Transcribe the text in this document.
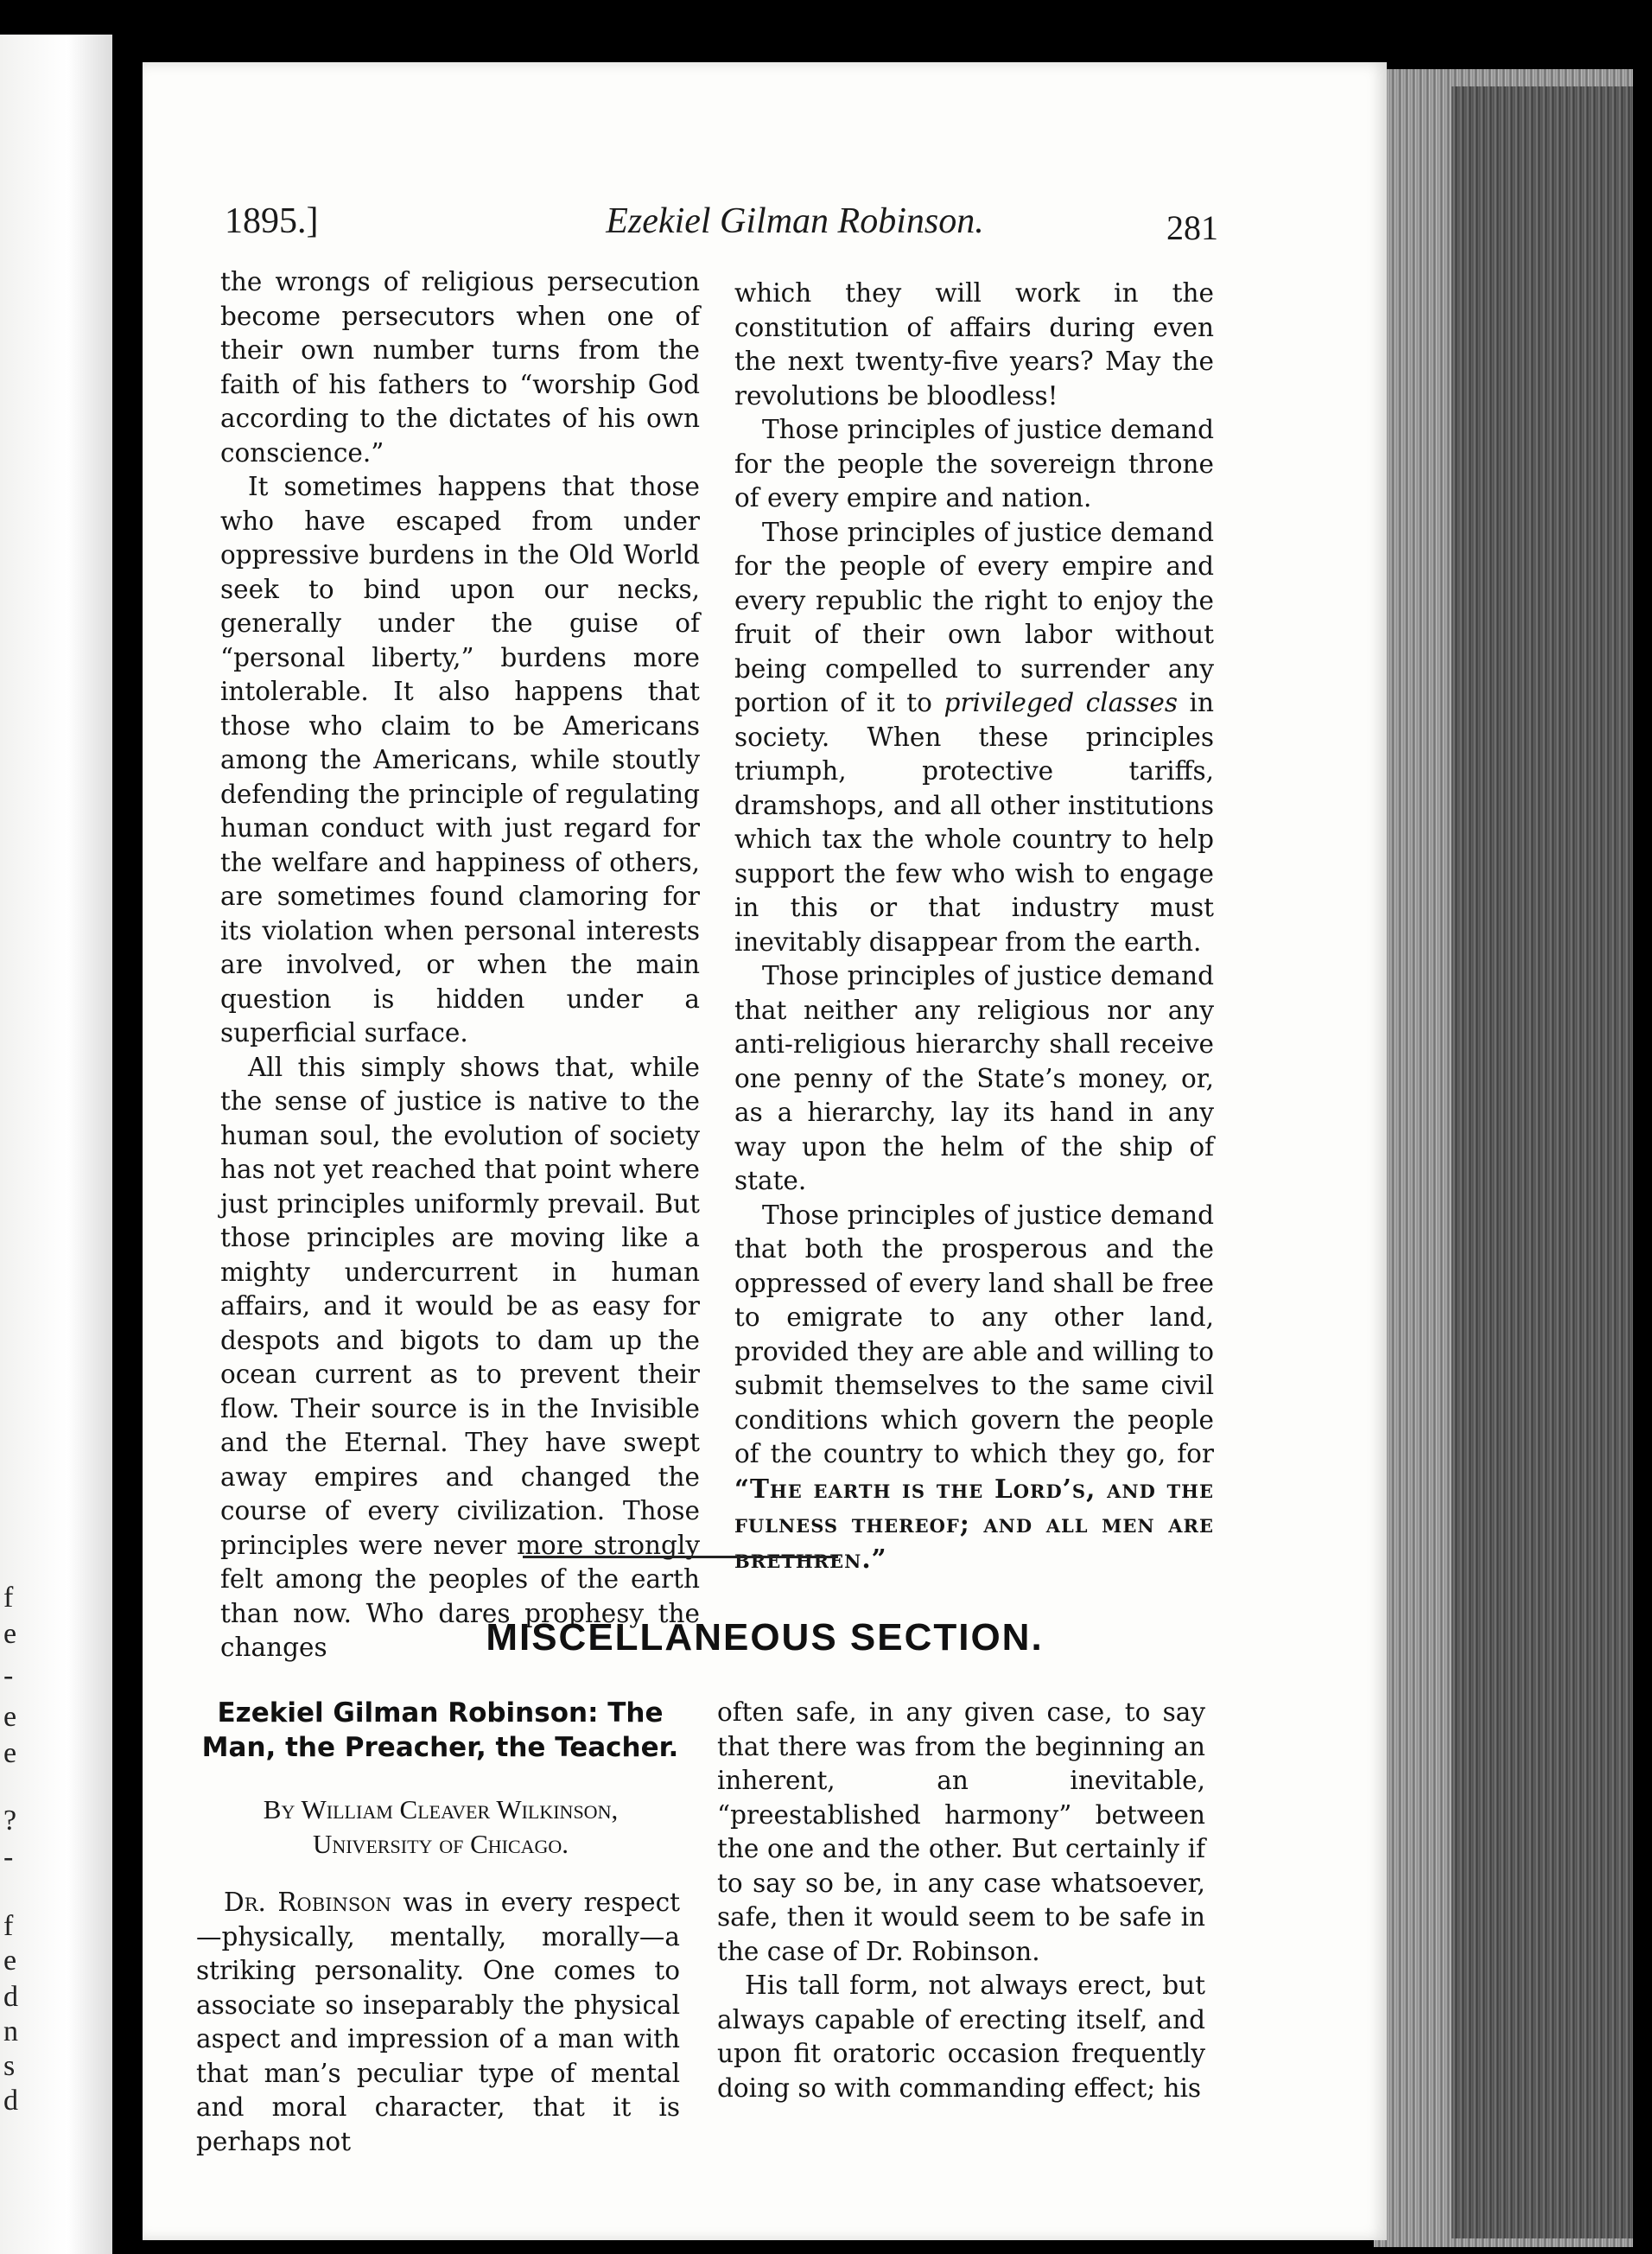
f
e
-
e
e
?
-
f
e
d
n
s
d
1895.]	Ezekiel Gilman Robinson.	281

the wrongs of religious persecution become persecutors when one of their own number turns from the faith of his fathers to “worship God according to the dictates of his own conscience.”

It sometimes happens that those who have escaped from under oppressive burdens in the Old World seek to bind upon our necks, generally under the guise of “personal liberty,” burdens more intolerable. It also happens that those who claim to be Americans among the Americans, while stoutly defending the principle of regulating human conduct with just regard for the welfare and happiness of others, are sometimes found clamoring for its violation when personal interests are involved, or when the main question is hidden under a superficial surface.

All this simply shows that, while the sense of justice is native to the human soul, the evolution of society has not yet reached that point where just principles uniformly prevail. But those principles are moving like a mighty undercurrent in human affairs, and it would be as easy for despots and bigots to dam up the ocean current as to prevent their flow. Their source is in the Invisible and the Eternal. They have swept away empires and changed the course of every civilization. Those principles were never more strongly felt among the peoples of the earth than now. Who dares prophesy the changes

which they will work in the constitution of affairs during even the next twenty-five years? May the revolutions be bloodless!

Those principles of justice demand for the people the sovereign throne of every empire and nation.

Those principles of justice demand for the people of every empire and every republic the right to enjoy the fruit of their own labor without being compelled to surrender any portion of it to privileged classes in society. When these principles triumph, protective tariffs, dramshops, and all other institutions which tax the whole country to help support the few who wish to engage in this or that industry must inevitably disappear from the earth.

Those principles of justice demand that neither any religious nor any anti-religious hierarchy shall receive one penny of the State’s money, or, as a hierarchy, lay its hand in any way upon the helm of the ship of state.

Those principles of justice demand that both the prosperous and the oppressed of every land shall be free to emigrate to any other land, provided they are able and willing to submit themselves to the same civil conditions which govern the people of the country to which they go, for “The earth is the Lord’s, and the fulness thereof; and all men are brethren.”

MISCELLANEOUS SECTION.
Ezekiel Gilman Robinson: The Man, the Preacher, the Teacher.
By William Cleaver Wilkinson,
University of Chicago.

Dr. Robinson was in every respect—physically, mentally, morally—a striking personality. One comes to associate so inseparably the physical aspect and impression of a man with that man’s peculiar type of mental and moral character, that it is perhaps not

often safe, in any given case, to say that there was from the beginning an inherent, an inevitable, “preestablished harmony” between the one and the other. But certainly if to say so be, in any case whatsoever, safe, then it would seem to be safe in the case of Dr. Robinson.

His tall form, not always erect, but always capable of erecting itself, and upon fit oratoric occasion frequently doing so with commanding effect; his
